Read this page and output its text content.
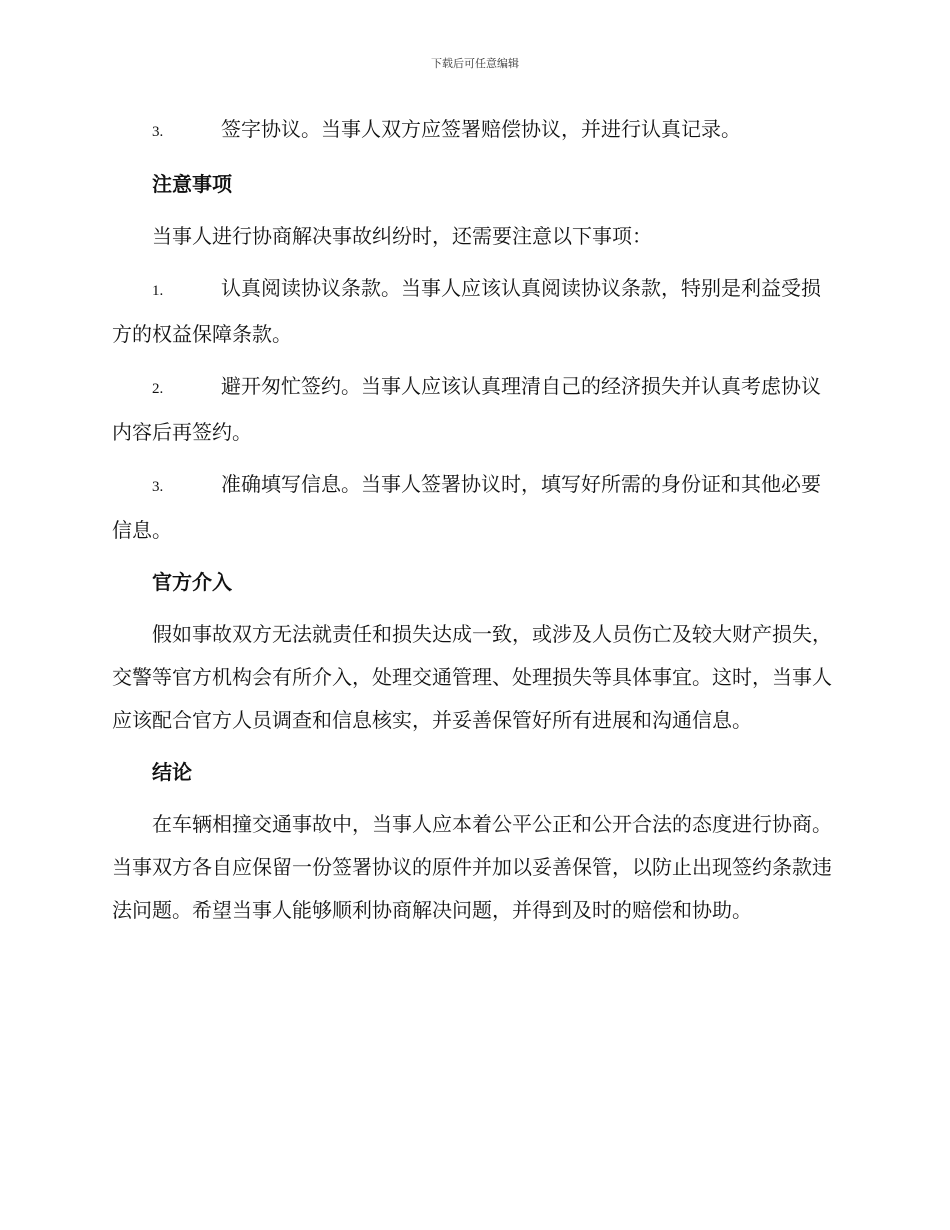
下载后可任意编辑

3.	签字协议。当事人双方应签署赔偿协议，并进行认真记录。

注意事项

当事人进行协商解决事故纠纷时，还需要注意以下事项：

1.	认真阅读协议条款。当事人应该认真阅读协议条款，特别是利益受损方的权益保障条款。

2.	避开匆忙签约。当事人应该认真理清自己的经济损失并认真考虑协议内容后再签约。

3.	准确填写信息。当事人签署协议时，填写好所需的身份证和其他必要信息。

官方介入

假如事故双方无法就责任和损失达成一致，或涉及人员伤亡及较大财产损失，交警等官方机构会有所介入，处理交通管理、处理损失等具体事宜。这时，当事人应该配合官方人员调查和信息核实，并妥善保管好所有进展和沟通信息。

结论

在车辆相撞交通事故中，当事人应本着公平公正和公开合法的态度进行协商。当事双方各自应保留一份签署协议的原件并加以妥善保管，以防止出现签约条款违法问题。希望当事人能够顺利协商解决问题，并得到及时的赔偿和协助。
